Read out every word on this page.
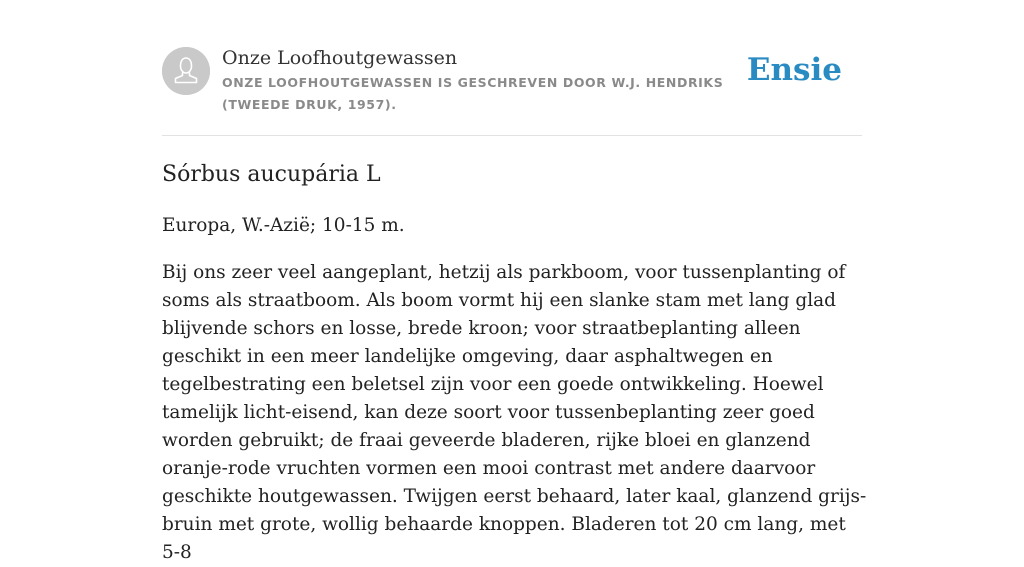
Onze Loofhoutgewassen
ONZE LOOFHOUTGEWASSEN IS GESCHREVEN DOOR W.J. HENDRIKS (TWEEDE DRUK, 1957).
Ensie
Sórbus aucupária L

Europa, W.-Azië; 10-15 m.

Bij ons zeer veel aangeplant, hetzij als parkboom, voor tussenplanting of soms als straatboom. Als boom vormt hij een slanke stam met lang glad blijvende schors en losse, brede kroon; voor straatbeplanting alleen geschikt in een meer landelijke omgeving, daar asphaltwegen en tegelbestrating een beletsel zijn voor een goede ontwikkeling. Hoewel tamelijk licht-eisend, kan deze soort voor tussenbeplanting zeer goed worden gebruikt; de fraai geveerde bladeren, rijke bloei en glanzend oranje-rode vruchten vormen een mooi contrast met andere daarvoor geschikte houtgewassen. Twijgen eerst behaard, later kaal, glanzend grijs-bruin met grote, wollig behaarde knoppen. Bladeren tot 20 cm lang, met 5-8
